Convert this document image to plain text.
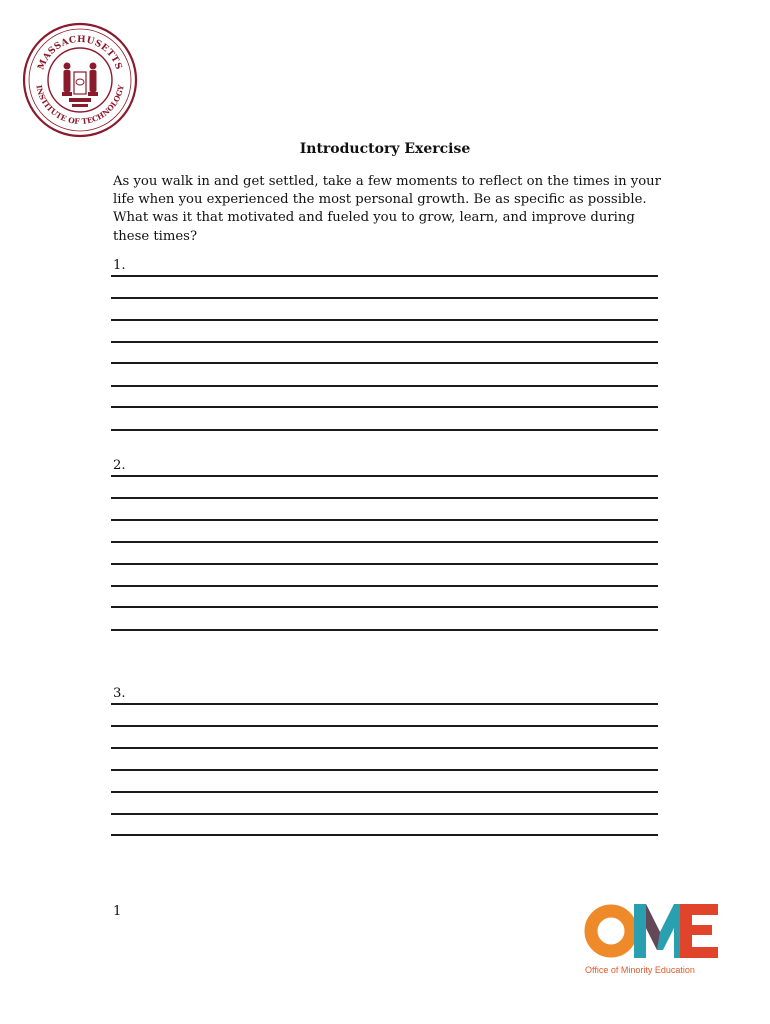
MASSACHUSETTS
INSTITUTE OF TECHNOLOGY
Introductory Exercise

As you walk in and get settled, take a few moments to reflect on the times in your life when you experienced the most personal growth. Be as specific as possible. What was it that motivated and fueled you to grow, learn, and improve during these times?

1.
2.
3.
1
Office of Minority Education
